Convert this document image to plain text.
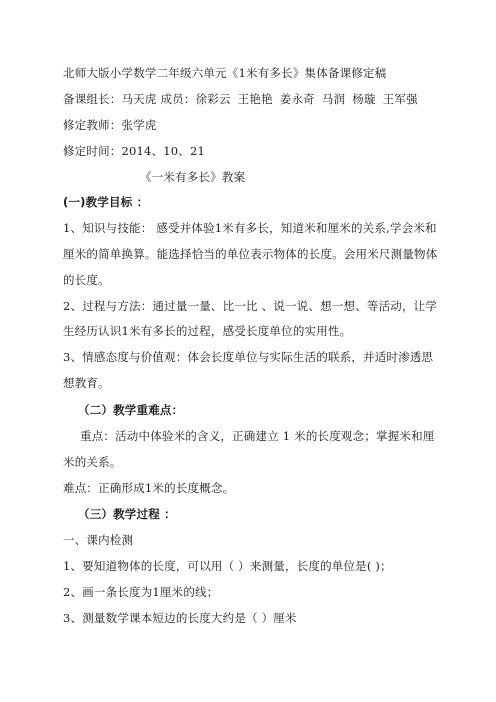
北师大版小学数学二年级六单元《1米有多长》集体备课修定稿
备课组长：马天虎 成员：徐彩云 王艳艳 姜永奇 马润 杨璇 王军强
修定教师：张学虎
修定时间：2014、10、21
《一米有多长》教案
(一)教学目标 ：
1、知识与技能： 感受并体验1米有多长，知道米和厘米的关系,学会米和
厘米的简单换算。能选择恰当的单位表示物体的长度。会用米尺测量物体
的长度。
2、过程与方法：通过量一量、比一比 、说一说、想一想、等活动，让学
生经历认识1米有多长的过程，感受长度单位的实用性。
3、情感态度与价值观：体会长度单位与实际生活的联系，并适时渗透思
想教育。
（二）教学重难点：
重点：活动中体验米的含义，正确建立 1 米的长度观念；掌握米和厘
米的关系。
难点：正确形成1米的长度概念。
（三）教学过程 ：
一、课内检测
1、要知道物体的长度，可以用（ ）来测量，长度的单位是( )；
2、画一条长度为1厘米的线；
3、测量数学课本短边的长度大约是（ ）厘米
